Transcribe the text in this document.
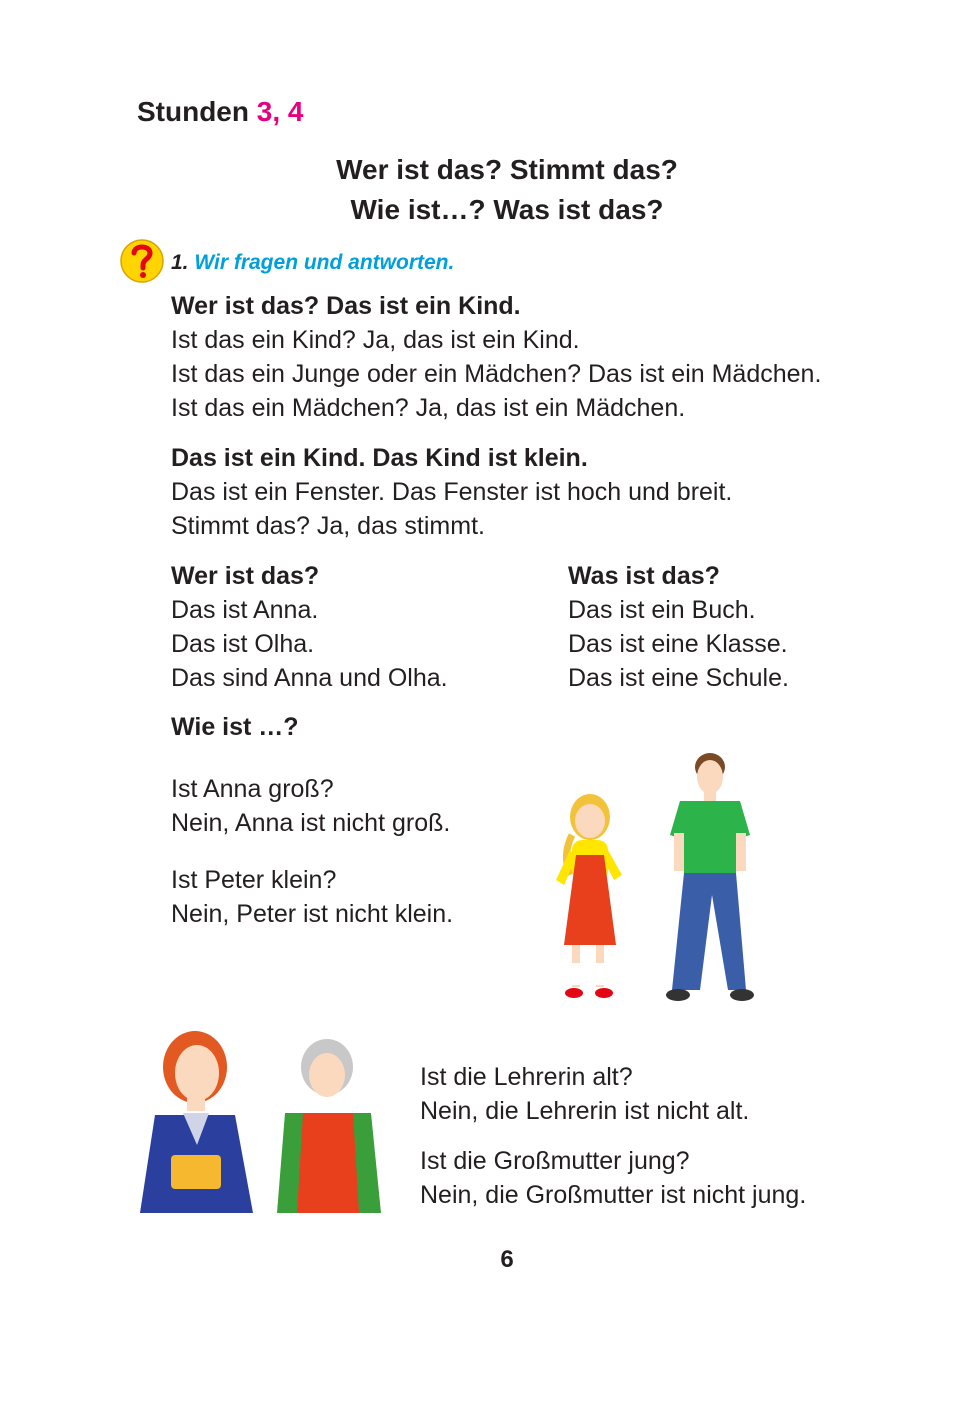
Stunden 3, 4
Wer ist das? Stimmt das?
Wie ist…? Was ist das?
1. Wir fragen und antworten.
Wer ist das? Das ist ein Kind.
Ist das ein Kind? Ja, das ist ein Kind.
Ist das ein Junge oder ein Mädchen? Das ist ein Mädchen.
Ist das ein Mädchen? Ja, das ist ein Mädchen.
Das ist ein Kind. Das Kind ist klein.
Das ist ein Fenster. Das Fenster ist hoch und breit.
Stimmt das? Ja, das stimmt.
Wer ist das?
Das ist Anna.
Das ist Olha.
Das sind Anna und Olha.
Was ist das?
Das ist ein Buch.
Das ist eine Klasse.
Das ist eine Schule.
Wie ist …?
Ist Anna groß?
Nein, Anna ist nicht groß.
Ist Peter klein?
Nein, Peter ist nicht klein.
Ist die Lehrerin alt?
Nein, die Lehrerin ist nicht alt.
Ist die Großmutter jung?
Nein, die Großmutter ist nicht jung.
6
